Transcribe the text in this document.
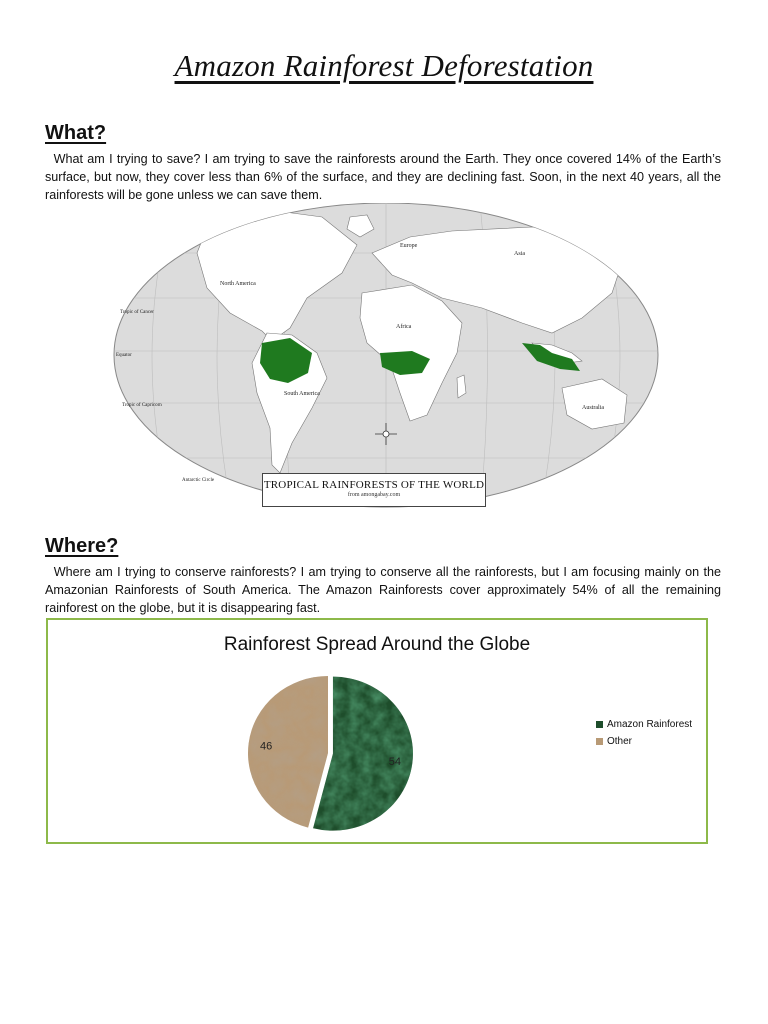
Amazon Rainforest Deforestation
What?
What am I trying to save? I am trying to save the rainforests around the Earth. They once covered 14% of the Earth’s surface, but now, they cover less than 6% of the surface, and they are declining fast. Soon, in the next 40 years, all the rainforests will be gone unless we can save them.
North America
South America
Europe
Asia
Africa
Australia
Tropic of Cancer
Equator
Tropic of Capricorn
Antarctic Circle	TROPICAL RAINFORESTS OF THE WORLD
from amongabay.com
Where?
Where am I trying to conserve rainforests? I am trying to conserve all the rainforests, but I am focusing mainly on the Amazonian Rainforests of South America. The Amazon Rainforests cover approximately 54% of all the remaining rainforest on the globe, but it is disappearing fast.
Rainforest Spread Around the Globe
54
46
Amazon Rainforest
Other
